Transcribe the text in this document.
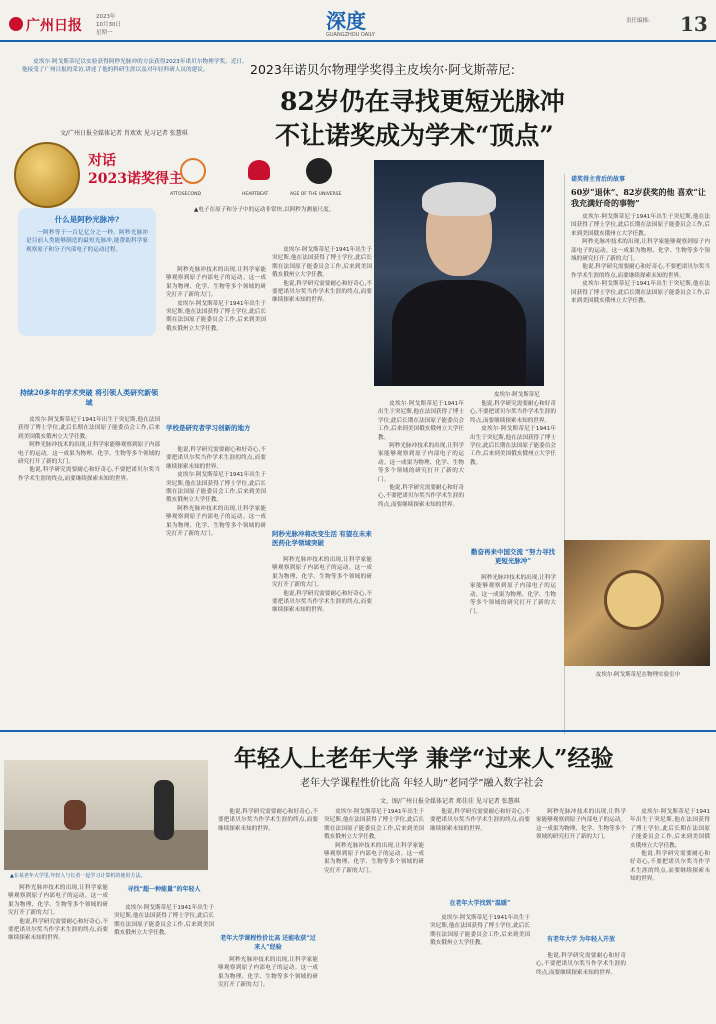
广州日报
2023年
10月30日
星期一	深度
GUANGZHOU DAILY
责任编辑: 13
2023年诺贝尔物理学奖得主皮埃尔·阿戈斯蒂尼:
82岁仍在寻找更短光脉冲
不让诺奖成为学术“顶点”

皮埃尔·阿戈斯蒂尼以实验获得阿秒光脉冲的方法获得2023年诺贝尔物理学奖。近日,他接受了广州日报的采访,讲述了他的科研生涯以及对年轻科研人员的建议。

文/广州日报全媒体记者 肖欢欢 见习记者 张慧琪
对话
2023诺奖得主
ATTOSECOND	HEARTBEAT	AGE OF THE UNIVERSE
▲电子在原子和分子中的运动非常快,以阿秒为测量尺度。
什么是阿秒光脉冲?

一阿秒等于一百亿亿分之一秒。阿秒光脉冲是目前人类能够制造的最短光脉冲,能帮助科学家观察原子和分子内部电子的运动过程。

持续20多年的学术突破 将引领人类研究新领域

皮埃尔·阿戈斯蒂尼于1941年出生于突尼斯,他在法国获得了博士学位,此后长期在法国原子能委员会工作,后来到美国俄亥俄州立大学任教。

阿秒光脉冲技术的出现,让科学家能够观察到原子内部电子的运动。这一成果为物理、化学、生物等多个领域的研究打开了新的大门。

他说,科学研究需要耐心和好奇心,不要把诺贝尔奖当作学术生涯的终点,而要继续探索未知的世界。

阿秒光脉冲技术的出现,让科学家能够观察到原子内部电子的运动。这一成果为物理、化学、生物等多个领域的研究打开了新的大门。

皮埃尔·阿戈斯蒂尼于1941年出生于突尼斯,他在法国获得了博士学位,此后长期在法国原子能委员会工作,后来到美国俄亥俄州立大学任教。

学校是研究者学习创新的地方

他说,科学研究需要耐心和好奇心,不要把诺贝尔奖当作学术生涯的终点,而要继续探索未知的世界。

皮埃尔·阿戈斯蒂尼于1941年出生于突尼斯,他在法国获得了博士学位,此后长期在法国原子能委员会工作,后来到美国俄亥俄州立大学任教。

阿秒光脉冲技术的出现,让科学家能够观察到原子内部电子的运动。这一成果为物理、化学、生物等多个领域的研究打开了新的大门。

皮埃尔·阿戈斯蒂尼于1941年出生于突尼斯,他在法国获得了博士学位,此后长期在法国原子能委员会工作,后来到美国俄亥俄州立大学任教。

他说,科学研究需要耐心和好奇心,不要把诺贝尔奖当作学术生涯的终点,而要继续探索未知的世界。

阿秒光脉冲将改变生活 有望在未来医药化学领域突破

阿秒光脉冲技术的出现,让科学家能够观察到原子内部电子的运动。这一成果为物理、化学、生物等多个领域的研究打开了新的大门。

他说,科学研究需要耐心和好奇心,不要把诺贝尔奖当作学术生涯的终点,而要继续探索未知的世界。

皮埃尔·阿戈斯蒂尼

皮埃尔·阿戈斯蒂尼于1941年出生于突尼斯,他在法国获得了博士学位,此后长期在法国原子能委员会工作,后来到美国俄亥俄州立大学任教。

阿秒光脉冲技术的出现,让科学家能够观察到原子内部电子的运动。这一成果为物理、化学、生物等多个领域的研究打开了新的大门。

他说,科学研究需要耐心和好奇心,不要把诺贝尔奖当作学术生涯的终点,而要继续探索未知的世界。

他说,科学研究需要耐心和好奇心,不要把诺贝尔奖当作学术生涯的终点,而要继续探索未知的世界。

皮埃尔·阿戈斯蒂尼于1941年出生于突尼斯,他在法国获得了博士学位,此后长期在法国原子能委员会工作,后来到美国俄亥俄州立大学任教。

勤奋再来中国交流 “努力寻找更短光脉冲”

阿秒光脉冲技术的出现,让科学家能够观察到原子内部电子的运动。这一成果为物理、化学、生物等多个领域的研究打开了新的大门。

诺奖得主背后的故事
60岁“退休”、82岁获奖的他 喜欢“让我充满好奇的事物”

皮埃尔·阿戈斯蒂尼于1941年出生于突尼斯,他在法国获得了博士学位,此后长期在法国原子能委员会工作,后来到美国俄亥俄州立大学任教。

阿秒光脉冲技术的出现,让科学家能够观察到原子内部电子的运动。这一成果为物理、化学、生物等多个领域的研究打开了新的大门。

他说,科学研究需要耐心和好奇心,不要把诺贝尔奖当作学术生涯的终点,而要继续探索未知的世界。

皮埃尔·阿戈斯蒂尼于1941年出生于突尼斯,他在法国获得了博士学位,此后长期在法国原子能委员会工作,后来到美国俄亥俄州立大学任教。

皮埃尔·阿戈斯蒂尼在物理实验室中
年轻人上老年大学 兼学“过来人”经验
老年大学课程性价比高 年轻人助“老同学”融入数字社会
文、图/广州日报全媒体记者 郑佳佳 见习记者 张慧琪
▲在某老年大学里,年轻人与长者一起学习计算机的使用方法。

阿秒光脉冲技术的出现,让科学家能够观察到原子内部电子的运动。这一成果为物理、化学、生物等多个领域的研究打开了新的大门。

他说,科学研究需要耐心和好奇心,不要把诺贝尔奖当作学术生涯的终点,而要继续探索未知的世界。

寻找“超一种能量”的年轻人

皮埃尔·阿戈斯蒂尼于1941年出生于突尼斯,他在法国获得了博士学位,此后长期在法国原子能委员会工作,后来到美国俄亥俄州立大学任教。

他说,科学研究需要耐心和好奇心,不要把诺贝尔奖当作学术生涯的终点,而要继续探索未知的世界。

老年大学课程性价比高 还能收获“过来人”经验

阿秒光脉冲技术的出现,让科学家能够观察到原子内部电子的运动。这一成果为物理、化学、生物等多个领域的研究打开了新的大门。

皮埃尔·阿戈斯蒂尼于1941年出生于突尼斯,他在法国获得了博士学位,此后长期在法国原子能委员会工作,后来到美国俄亥俄州立大学任教。

阿秒光脉冲技术的出现,让科学家能够观察到原子内部电子的运动。这一成果为物理、化学、生物等多个领域的研究打开了新的大门。

在老年大学找到“温暖”

他说,科学研究需要耐心和好奇心,不要把诺贝尔奖当作学术生涯的终点,而要继续探索未知的世界。

皮埃尔·阿戈斯蒂尼于1941年出生于突尼斯,他在法国获得了博士学位,此后长期在法国原子能委员会工作,后来到美国俄亥俄州立大学任教。

阿秒光脉冲技术的出现,让科学家能够观察到原子内部电子的运动。这一成果为物理、化学、生物等多个领域的研究打开了新的大门。

有老年大学 为年轻人开放

他说,科学研究需要耐心和好奇心,不要把诺贝尔奖当作学术生涯的终点,而要继续探索未知的世界。

皮埃尔·阿戈斯蒂尼于1941年出生于突尼斯,他在法国获得了博士学位,此后长期在法国原子能委员会工作,后来到美国俄亥俄州立大学任教。

他说,科学研究需要耐心和好奇心,不要把诺贝尔奖当作学术生涯的终点,而要继续探索未知的世界。
